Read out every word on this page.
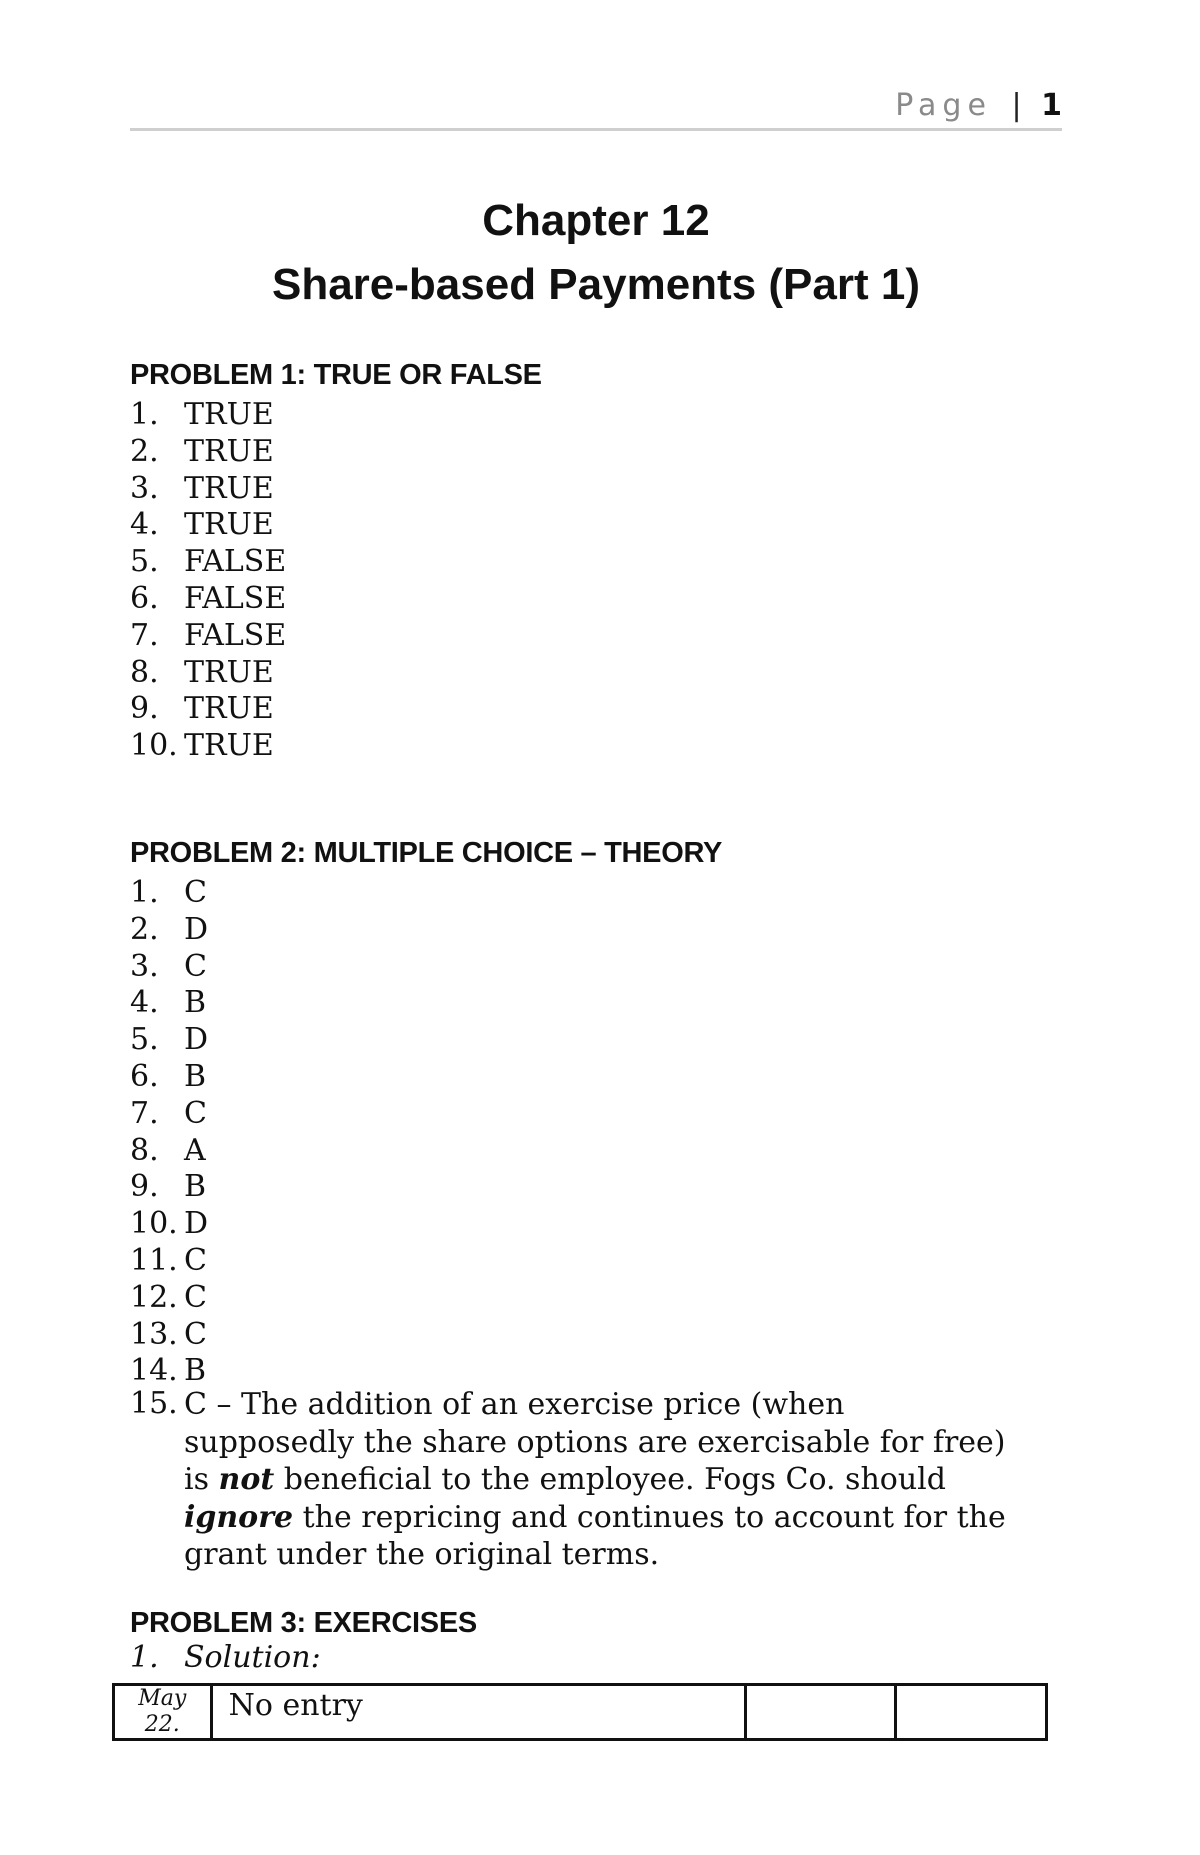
Page | 1
Chapter 12
Share-based Payments (Part 1)
PROBLEM 1: TRUE OR FALSE
1. TRUE
2. TRUE
3. TRUE
4. TRUE
5. FALSE
6. FALSE
7. FALSE
8. TRUE
9. TRUE
10. TRUE
PROBLEM 2: MULTIPLE CHOICE – THEORY
1. C
2. D
3. C
4. B
5. D
6. B
7. C
8. A
9. B
10. D
11. C
12. C
13. C
14. B
15. C – The addition of an exercise price (when
supposedly the share options are exercisable for free)
is not beneficial to the employee. Fogs Co. should
ignore the repricing and continues to account for the
grant under the original terms.
PROBLEM 3: EXERCISES
1. Solution:
May
22.
	No entry		
